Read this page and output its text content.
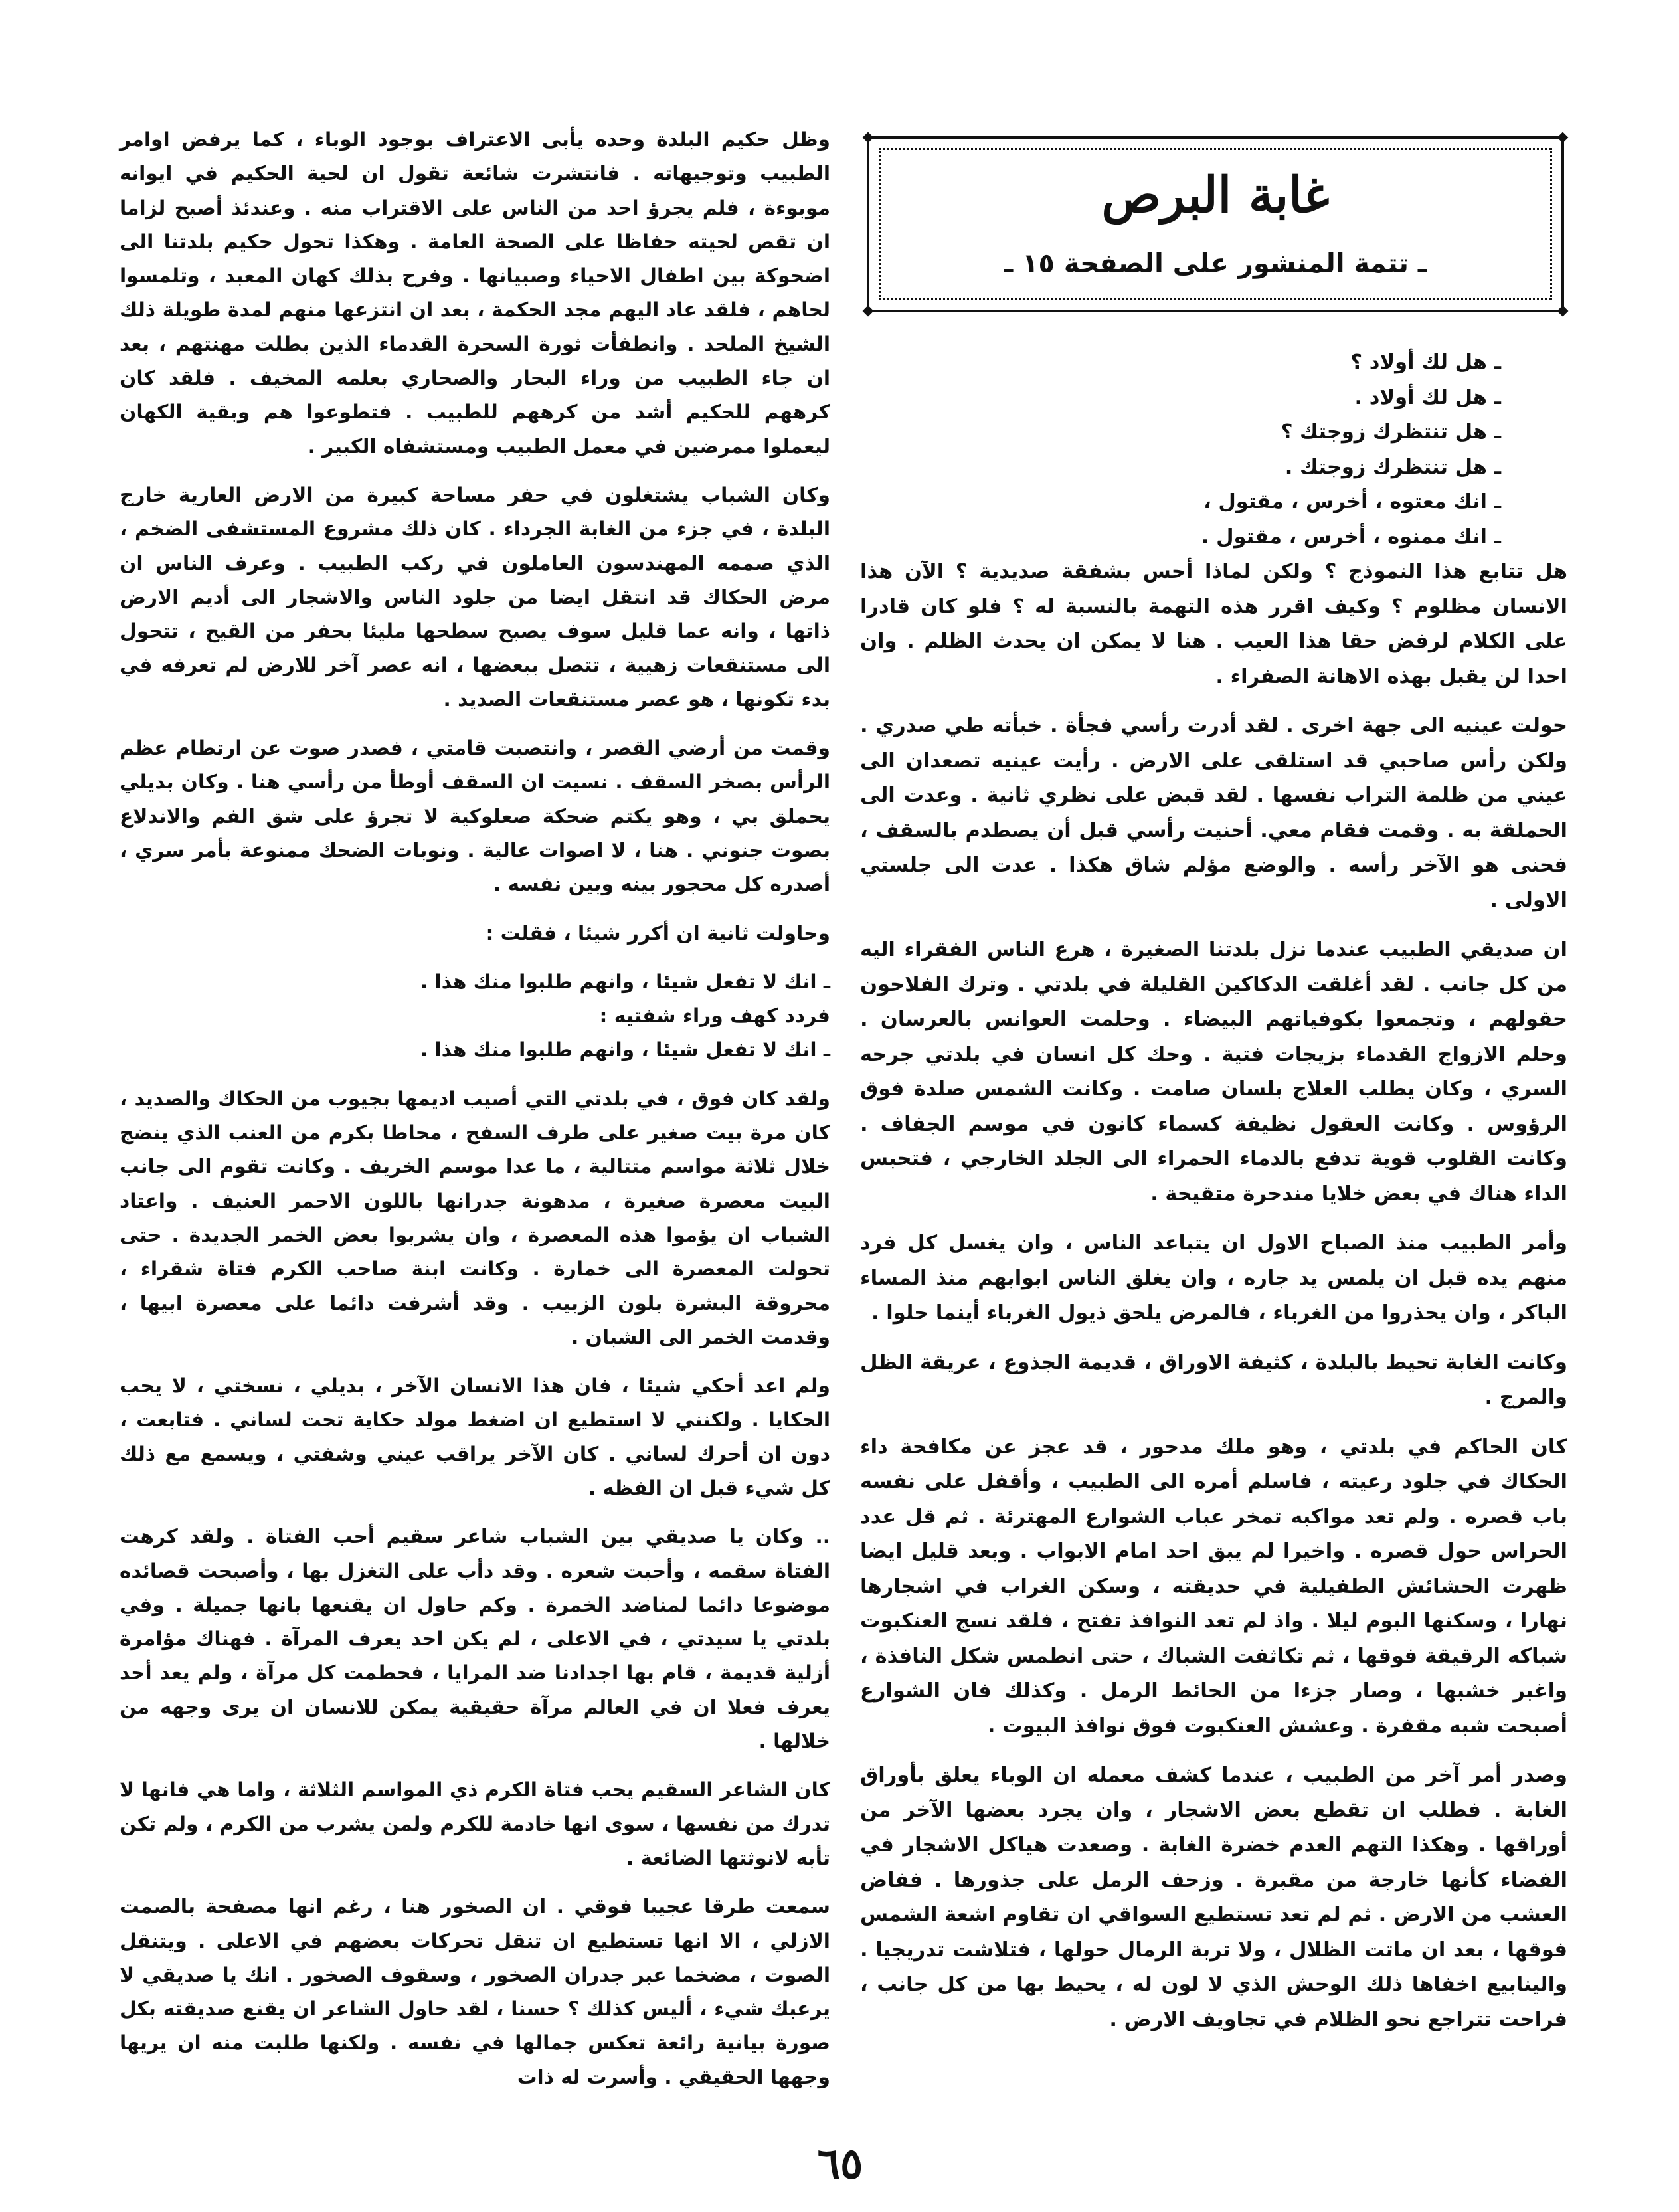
غابة البرص
ـ تتمة المنشور على الصفحة ١٥ ـ

ـ هل لك أولاد ؟

ـ هل لك أولاد .

ـ هل تنتظرك زوجتك ؟

ـ هل تنتظرك زوجتك .

ـ انك معتوه ، أخرس ، مقتول ،

ـ انك ممنوه ، أخرس ، مقتول .

هل تتابع هذا النموذج ؟ ولكن لماذا أحس بشفقة صديدية ؟ الآن هذا الانسان مظلوم ؟ وكيف اقرر هذه التهمة بالنسبة له ؟ فلو كان قادرا على الكلام لرفض حقا هذا العيب . هنا لا يمكن ان يحدث الظلم . وان احدا لن يقبل بهذه الاهانة الصفراء .

حولت عينيه الى جهة اخرى . لقد أدرت رأسي فجأة . خبأته طي صدري . ولكن رأس صاحبي قد استلقى على الارض . رأيت عينيه تصعدان الى عيني من ظلمة التراب نفسها . لقد قبض على نظري ثانية . وعدت الى الحملقة به . وقمت فقام معي. أحنيت رأسي قبل أن يصطدم بالسقف ، فحنى هو الآخر رأسه . والوضع مؤلم شاق هكذا . عدت الى جلستي الاولى .

ان صديقي الطبيب عندما نزل بلدتنا الصغيرة ، هرع الناس الفقراء اليه من كل جانب . لقد أغلقت الدكاكين القليلة في بلدتي . وترك الفلاحون حقولهم ، وتجمعوا بكوفياتهم البيضاء . وحلمت العوانس بالعرسان . وحلم الازواج القدماء بزيجات فتية . وحك كل انسان في بلدتي جرحه السري ، وكان يطلب العلاج بلسان صامت . وكانت الشمس صلدة فوق الرؤوس . وكانت العقول نظيفة كسماء كانون في موسم الجفاف . وكانت القلوب قوية تدفع بالدماء الحمراء الى الجلد الخارجي ، فتحبس الداء هناك في بعض خلايا مندحرة متقيحة .

وأمر الطبيب منذ الصباح الاول ان يتباعد الناس ، وان يغسل كل فرد منهم يده قبل ان يلمس يد جاره ، وان يغلق الناس ابوابهم منذ المساء الباكر ، وان يحذروا من الغرباء ، فالمرض يلحق ذيول الغرباء أينما حلوا .

وكانت الغابة تحيط بالبلدة ، كثيفة الاوراق ، قديمة الجذوع ، عريقة الظل والمرج .

كان الحاكم في بلدتي ، وهو ملك مدحور ، قد عجز عن مكافحة داء الحكاك في جلود رعيته ، فاسلم أمره الى الطبيب ، وأقفل على نفسه باب قصره . ولم تعد مواكبه تمخر عباب الشوارع المهترئة . ثم قل عدد الحراس حول قصره . واخيرا لم يبق احد امام الابواب . وبعد قليل ايضا ظهرت الحشائش الطفيلية في حديقته ، وسكن الغراب في اشجارها نهارا ، وسكنها البوم ليلا . واذ لم تعد النوافذ تفتح ، فلقد نسج العنكبوت شباكه الرقيقة فوقها ، ثم تكاثفت الشباك ، حتى انطمس شكل النافذة ، واغبر خشبها ، وصار جزءا من الحائط الرمل . وكذلك فان الشوارع أصبحت شبه مقفرة . وعشش العنكبوت فوق نوافذ البيوت .

وصدر أمر آخر من الطبيب ، عندما كشف معمله ان الوباء يعلق بأوراق الغابة . فطلب ان تقطع بعض الاشجار ، وان يجرد بعضها الآخر من أوراقها . وهكذا التهم العدم خضرة الغابة . وصعدت هياكل الاشجار في الفضاء كأنها خارجة من مقبرة . وزحف الرمل على جذورها . ففاض العشب من الارض . ثم لم تعد تستطيع السواقي ان تقاوم اشعة الشمس فوقها ، بعد ان ماتت الظلال ، ولا تربة الرمال حولها ، فتلاشت تدريجيا . والينابيع اخفاها ذلك الوحش الذي لا لون له ، يحيط بها من كل جانب ، فراحت تتراجع نحو الظلام في تجاويف الارض .

وظل حكيم البلدة وحده يأبى الاعتراف بوجود الوباء ، كما يرفض اوامر الطبيب وتوجيهاته . فانتشرت شائعة تقول ان لحية الحكيم في ايوانه موبوءة ، فلم يجرؤ احد من الناس على الاقتراب منه . وعندئذ أصبح لزاما ان تقص لحيته حفاظا على الصحة العامة . وهكذا تحول حكيم بلدتنا الى اضحوكة بين اطفال الاحياء وصبيانها . وفرح بذلك كهان المعبد ، وتلمسوا لحاهم ، فلقد عاد اليهم مجد الحكمة ، بعد ان انتزعها منهم لمدة طويلة ذلك الشيخ الملحد . وانطفأت ثورة السحرة القدماء الذين بطلت مهنتهم ، بعد ان جاء الطبيب من وراء البحار والصحاري بعلمه المخيف . فلقد كان كرههم للحكيم أشد من كرههم للطبيب . فتطوعوا هم وبقية الكهان ليعملوا ممرضين في معمل الطبيب ومستشفاه الكبير .

وكان الشباب يشتغلون في حفر مساحة كبيرة من الارض العارية خارج البلدة ، في جزء من الغابة الجرداء . كان ذلك مشروع المستشفى الضخم ، الذي صممه المهندسون العاملون في ركب الطبيب . وعرف الناس ان مرض الحكاك قد انتقل ايضا من جلود الناس والاشجار الى أديم الارض ذاتها ، وانه عما قليل سوف يصبح سطحها مليئا بحفر من القيح ، تتحول الى مستنقعات زهيية ، تتصل ببعضها ، انه عصر آخر للارض لم تعرفه في بدء تكونها ، هو عصر مستنقعات الصديد .

وقمت من أرضي القصر ، وانتصبت قامتي ، فصدر صوت عن ارتطام عظم الرأس بصخر السقف . نسيت ان السقف أوطأ من رأسي هنا . وكان بديلي يحملق بي ، وهو يكتم ضحكة صعلوكية لا تجرؤ على شق الفم والاندلاع بصوت جنوني . هنا ، لا اصوات عالية . ونوبات الضحك ممنوعة بأمر سري ، أصدره كل محجور بينه وبين نفسه .

وحاولت ثانية ان أكرر شيئا ، فقلت :

ـ انك لا تفعل شيئا ، وانهم طلبوا منك هذا .

فردد كهف وراء شفتيه :

ـ انك لا تفعل شيئا ، وانهم طلبوا منك هذا .

ولقد كان فوق ، في بلدتي التي أصيب اديمها بجيوب من الحكاك والصديد ، كان مرة بيت صغير على طرف السفح ، محاطا بكرم من العنب الذي ينضج خلال ثلاثة مواسم متتالية ، ما عدا موسم الخريف . وكانت تقوم الى جانب البيت معصرة صغيرة ، مدهونة جدرانها باللون الاحمر العنيف . واعتاد الشباب ان يؤموا هذه المعصرة ، وان يشربوا بعض الخمر الجديدة . حتى تحولت المعصرة الى خمارة . وكانت ابنة صاحب الكرم فتاة شقراء ، محروقة البشرة بلون الزبيب . وقد أشرفت دائما على معصرة ابيها ، وقدمت الخمر الى الشبان .

ولم اعد أحكي شيئا ، فان هذا الانسان الآخر ، بديلي ، نسختي ، لا يحب الحكايا . ولكنني لا استطيع ان اضغط مولد حكاية تحت لساني . فتابعت ، دون ان أحرك لساني . كان الآخر يراقب عيني وشفتي ، ويسمع مع ذلك كل شيء قبل ان الفظه .

.. وكان يا صديقي بين الشباب شاعر سقيم أحب الفتاة . ولقد كرهت الفتاة سقمه ، وأحبت شعره . وقد دأب على التغزل بها ، وأصبحت قصائده موضوعا دائما لمناضد الخمرة . وكم حاول ان يقنعها بانها جميلة . وفي بلدتي يا سيدتي ، في الاعلى ، لم يكن احد يعرف المرآة . فهناك مؤامرة أزلية قديمة ، قام بها اجدادنا ضد المرايا ، فحطمت كل مرآة ، ولم يعد أحد يعرف فعلا ان في العالم مرآة حقيقية يمكن للانسان ان يرى وجهه من خلالها .

كان الشاعر السقيم يحب فتاة الكرم ذي المواسم الثلاثة ، واما هي فانها لا تدرك من نفسها ، سوى انها خادمة للكرم ولمن يشرب من الكرم ، ولم تكن تأبه لانوثتها الضائعة .

سمعت طرقا عجيبا فوقي . ان الصخور هنا ، رغم انها مصفحة بالصمت الازلي ، الا انها تستطيع ان تنقل تحركات بعضهم في الاعلى . ويتنقل الصوت ، مضخما عبر جدران الصخور ، وسقوف الصخور . انك يا صديقي لا يرعبك شيء ، أليس كذلك ؟ حسنا ، لقد حاول الشاعر ان يقنع صديقته بكل صورة بيانية رائعة تعكس جمالها في نفسه . ولكنها طلبت منه ان يريها وجهها الحقيقي . وأسرت له ذات

٦٥
